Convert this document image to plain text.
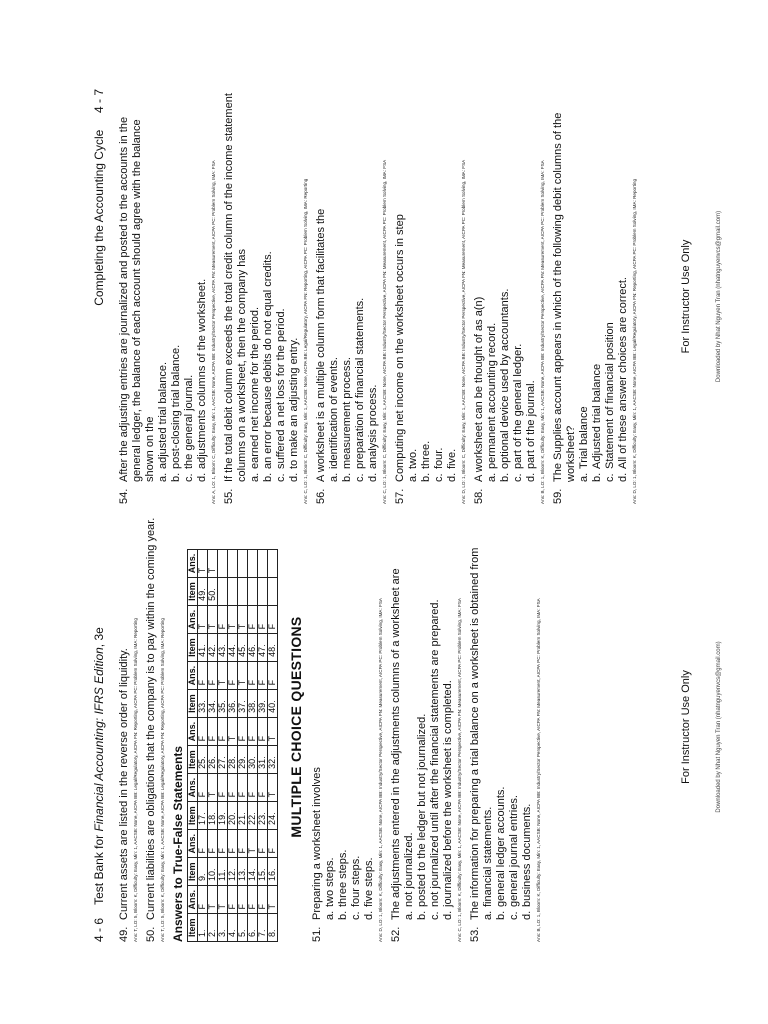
4 - 6    Test Bank for Financial Accounting: IFRS Edition, 3e
49.
Current assets are listed in the reverse order of liquidity. Ans: T, LO: 5, Bloom: K, Difficulty: Easy, Min: 1, AACSB: None, AICPA BB: Legal/Regulatory, AICPA FN: Reporting, AICPA PC: Problem Solving, IMA: Reporting 50.
Current liabilities are obligations that the company is to pay within the coming year. Ans: T, LO: 5, Bloom: K, Difficulty: Easy, Min: 1, AACSB: None, AICPA BB: Legal/Regulatory, AICPA FN: Reporting, AICPA PC: Problem Solving, IMA: Reporting Answers to True-False Statements Item	Ans.	Item	Ans.	Item	Ans.	Item	Ans.	Item	Ans.	Item	Ans.	Item	Ans.
1.	F	9.	F	17.	F	25.	F	33.	F	41.	T	49.	T
2.	T	10.	F	18.	T	26.	F	34.	F	42.	T	50.	T
3.	T	11.	F	19.	F	27.	F	35.	T	43.	F		
4.	F	12.	F	20.	F	28.	T	36.	F	44.	T		
5.	F	13.	F	21.	F	29.	F	37.	T	45.	T		
6.	F	14.	T	22.	F	30.	F	38.	F	46.	F		
7.	F	15.	F	23.	F	31.	F	39.	F	47.	F		
8.	T	16.	F	24.	T	32.	T	40.	F	48.	F		MULTIPLE CHOICE QUESTIONS
51.
Preparing a worksheet involves a.
two steps.
b.
three steps.
c.
four steps.
d.
five steps. Ans: D, LO: 1, Bloom: K, Difficulty: Easy, Min: 1, AACSB: None, AICPA BB: Industry/Sector Perspective, AICPA FN: Measurement, AICPA PC: Problem Solving, IMA: FSA 52.
The adjustments entered in the adjustments columns of a worksheet are a.
not journalized.
b.
posted to the ledger but not journalized.
c.
not journalized until after the financial statements are prepared.
d.
journalized before the worksheet is completed. Ans: C, LO: 1, Bloom: K, Difficulty: Easy, Min: 1, AACSB: None, AICPA BB: Industry/Sector Perspective, AICPA FN: Measurement, AICPA PC: Problem Solving, IMA: FSA 53.
The information for preparing a trial balance on a worksheet is obtained from a.
financial statements.
b.
general ledger accounts.
c.
general journal entries.
d.
business documents. Ans: B, LO: 1, Bloom: K, Difficulty: Easy, Min: 1, AACSB: None, AICPA BB: Industry/Sector Perspective, AICPA FN: Measurement, AICPA PC: Problem Solving, IMA: FSA	For Instructor Use Only	Downloaded by Nhat Nguyen Tran (nhatnguyenvcs@gmail.com)
Completing the Accounting Cycle     4 - 7
54.
After the adjusting entries are journalized and posted to the accounts in the general ledger, the balance of each account should agree with the balance shown on the a.
adjusted trial balance.
b.
post-closing trial balance.
c.
the general journal.
d.
adjustments columns of the worksheet. Ans: A, LO: 1, Bloom: C, Difficulty: Easy, Min: 1, AACSB: None, AICPA BB: Industry/Sector Perspective, AICPA FN: Measurement, AICPA PC: Problem Solving, IMA: FSA 55.
If the total debit column exceeds the total credit column of the income statement columns on a worksheet, then the company has a.
earned net income for the period.
b.
an error because debits do not equal credits.
c.
suffered a net loss for the period.
d.
to make an adjusting entry. Ans: C, LO: 1, Bloom: C, Difficulty: Easy, Min: 1, AACSB: None, AICPA BB: Legal/Regulatory, AICPA FN: Reporting, AICPA PC: Problem Solving, IMA: Reporting 56.
A worksheet is a multiple column form that facilitates the a.
identification of events.
b.
measurement process.
c.
preparation of financial statements.
d.
analysis process. Ans: C, LO: 1, Bloom: C, Difficulty: Easy, Min: 1, AACSB: None, AICPA BB: Industry/Sector Perspective, AICPA FN: Measurement, AICPA PC: Problem Solving, IMA: FSA 57.
Computing net income on the worksheet occurs in step a.
two.
b.
three.
c.
four.
d.
five. Ans: D, LO: 1, Bloom: C, Difficulty: Easy, Min: 1, AACSB: None, AICPA BB: Industry/Sector Perspective, AICPA FN: Measurement, AICPA PC: Problem Solving, IMA: FSA 58.
A worksheet can be thought of as a(n) a.
permanent accounting record.
b.
optional device used by accountants.
c.
part of the general ledger.
d.
part of the journal. Ans: B, LO: 1, Bloom: K, Difficulty: Easy, Min: 1, AACSB: None, AICPA BB: Industry/Sector Perspective, AICPA FN: Measurement, AICPA PC: Problem Solving, IMA: FSA 59.
The Supplies account appears in which of the following debit columns of the worksheet? a.
Trial balance
b.
Adjusted trial balance
c.
Statement of financial position
d.
All of these answer choices are correct. Ans: D, LO: 1, Bloom: K, Difficulty: Easy, Min: 1, AACSB: None, AICPA BB: Legal/Regulatory, AICPA FN: Reporting, AICPA PC: Problem Solving, IMA: Reporting	For Instructor Use Only	Downloaded by Nhat Nguyen Tran (nhatnguyenvcs@gmail.com)
